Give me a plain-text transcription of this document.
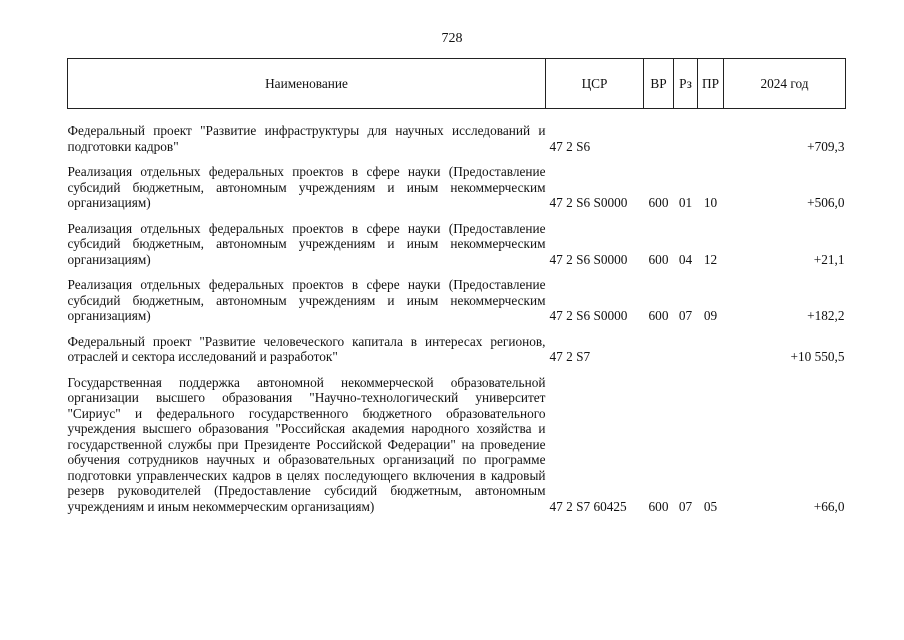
728
Наименование	ЦСР	ВР	Рз	ПР	2024 год

Федеральный проект "Развитие инфраструктуры для научных исследований и подготовки кадров"	47 2 S6				+709,3

Реализация отдельных федеральных проектов в сфере науки (Предоставление субсидий бюджетным, автономным учреждениям и иным некоммерческим организациям)	47 2 S6 S0000	600	01	10	+506,0

Реализация отдельных федеральных проектов в сфере науки (Предоставление субсидий бюджетным, автономным учреждениям и иным некоммерческим организациям)	47 2 S6 S0000	600	04	12	+21,1

Реализация отдельных федеральных проектов в сфере науки (Предоставление субсидий бюджетным, автономным учреждениям и иным некоммерческим организациям)	47 2 S6 S0000	600	07	09	+182,2

Федеральный проект "Развитие человеческого капитала в интересах регионов, отраслей и сектора исследований и разработок"	47 2 S7				+10 550,5

Государственная поддержка автономной некоммерческой образовательной организации высшего образования "Научно-технологический университет "Сириус" и федерального государственного бюджетного образовательного учреждения высшего образования "Российская академия народного хозяйства и государственной службы при Президенте Российской Федерации" на проведение обучения сотрудников научных и образовательных организаций по программе подготовки управленческих кадров в целях последующего включения в кадровый резерв руководителей (Предоставление субсидий бюджетным, автономным учреждениям и иным некоммерческим организациям)	47 2 S7 60425	600	07	05	+66,0
